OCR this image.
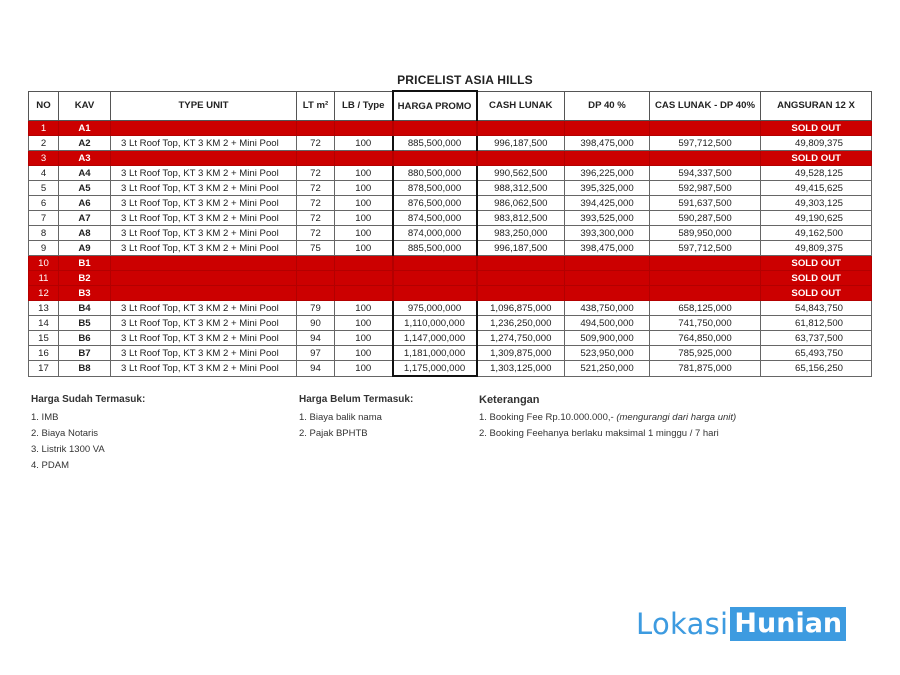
PRICELIST ASIA HILLS
NO	KAV	TYPE UNIT	LT m²	LB / Type	HARGA PROMO	CASH LUNAK	DP 40 %	CAS LUNAK - DP 40%	ANGSURAN 12 X
1	A1								SOLD OUT
2	A2	3 Lt Roof Top, KT 3 KM 2 + Mini Pool	72	100	885,500,000	996,187,500	398,475,000	597,712,500	49,809,375
3	A3								SOLD OUT
4	A4	3 Lt Roof Top, KT 3 KM 2 + Mini Pool	72	100	880,500,000	990,562,500	396,225,000	594,337,500	49,528,125
5	A5	3 Lt Roof Top, KT 3 KM 2 + Mini Pool	72	100	878,500,000	988,312,500	395,325,000	592,987,500	49,415,625
6	A6	3 Lt Roof Top, KT 3 KM 2 + Mini Pool	72	100	876,500,000	986,062,500	394,425,000	591,637,500	49,303,125
7	A7	3 Lt Roof Top, KT 3 KM 2 + Mini Pool	72	100	874,500,000	983,812,500	393,525,000	590,287,500	49,190,625
8	A8	3 Lt Roof Top, KT 3 KM 2 + Mini Pool	72	100	874,000,000	983,250,000	393,300,000	589,950,000	49,162,500
9	A9	3 Lt Roof Top, KT 3 KM 2 + Mini Pool	75	100	885,500,000	996,187,500	398,475,000	597,712,500	49,809,375
10	B1								SOLD OUT
11	B2								SOLD OUT
12	B3								SOLD OUT
13	B4	3 Lt Roof Top, KT 3 KM 2 + Mini Pool	79	100	975,000,000	1,096,875,000	438,750,000	658,125,000	54,843,750
14	B5	3 Lt Roof Top, KT 3 KM 2 + Mini Pool	90	100	1,110,000,000	1,236,250,000	494,500,000	741,750,000	61,812,500
15	B6	3 Lt Roof Top, KT 3 KM 2 + Mini Pool	94	100	1,147,000,000	1,274,750,000	509,900,000	764,850,000	63,737,500
16	B7	3 Lt Roof Top, KT 3 KM 2 + Mini Pool	97	100	1,181,000,000	1,309,875,000	523,950,000	785,925,000	65,493,750
17	B8	3 Lt Roof Top, KT 3 KM 2 + Mini Pool	94	100	1,175,000,000	1,303,125,000	521,250,000	781,875,000	65,156,250
Harga Sudah Termasuk:
1. IMB
2. Biaya Notaris
3. Listrik 1300 VA
4. PDAM
Harga Belum Termasuk:
1. Biaya balik nama
2. Pajak BPHTB
Keterangan
1. Booking Fee Rp.10.000.000,- (mengurangi dari harga unit)
2. Booking Feehanya berlaku maksimal 1 minggu / 7 hari
Lokasi Hunian
